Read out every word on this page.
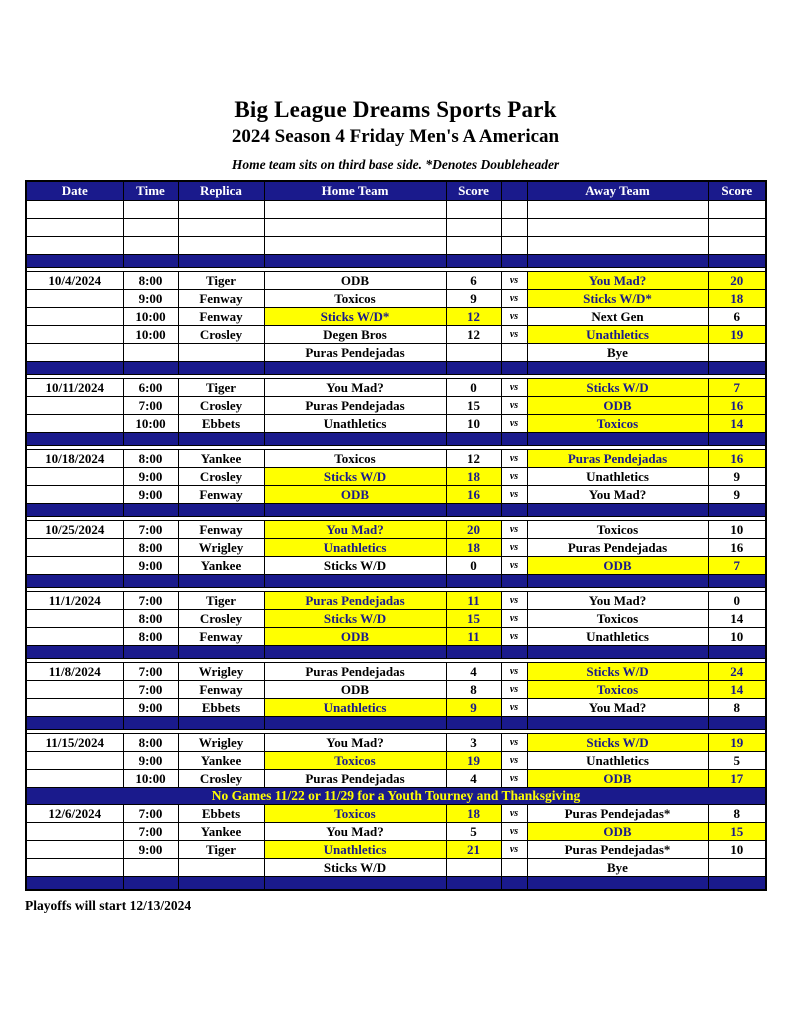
Big League Dreams Sports Park
2024 Season 4 Friday Men's A American
Home team sits on third base side. *Denotes Doubleheader
Date	Time	Replica	Home Team	Score		Away Team	Score

10/4/2024	8:00	Tiger	ODB	6	vs	You Mad?	20
	9:00	Fenway	Toxicos	9	vs	Sticks W/D*	18
	10:00	Fenway	Sticks W/D*	12	vs	Next Gen	6
	10:00	Crosley	Degen Bros	12	vs	Unathletics	19
			Puras Pendejadas			Bye	

10/11/2024	6:00	Tiger	You Mad?	0	vs	Sticks W/D	7
	7:00	Crosley	Puras Pendejadas	15	vs	ODB	16
	10:00	Ebbets	Unathletics	10	vs	Toxicos	14

10/18/2024	8:00	Yankee	Toxicos	12	vs	Puras Pendejadas	16
	9:00	Crosley	Sticks W/D	18	vs	Unathletics	9
	9:00	Fenway	ODB	16	vs	You Mad?	9

10/25/2024	7:00	Fenway	You Mad?	20	vs	Toxicos	10
	8:00	Wrigley	Unathletics	18	vs	Puras Pendejadas	16
	9:00	Yankee	Sticks W/D	0	vs	ODB	7

11/1/2024	7:00	Tiger	Puras Pendejadas	11	vs	You Mad?	0
	8:00	Crosley	Sticks W/D	15	vs	Toxicos	14
	8:00	Fenway	ODB	11	vs	Unathletics	10

11/8/2024	7:00	Wrigley	Puras Pendejadas	4	vs	Sticks W/D	24
	7:00	Fenway	ODB	8	vs	Toxicos	14
	9:00	Ebbets	Unathletics	9	vs	You Mad?	8

11/15/2024	8:00	Wrigley	You Mad?	3	vs	Sticks W/D	19
	9:00	Yankee	Toxicos	19	vs	Unathletics	5
	10:00	Crosley	Puras Pendejadas	4	vs	ODB	17
No Games 11/22 or 11/29 for a Youth Tourney and Thanksgiving							
12/6/2024	7:00	Ebbets	Toxicos	18	vs	Puras Pendejadas*	8
	7:00	Yankee	You Mad?	5	vs	ODB	15
	9:00	Tiger	Unathletics	21	vs	Puras Pendejadas*	10
			Sticks W/D			Bye	

Playoffs will start 12/13/2024
